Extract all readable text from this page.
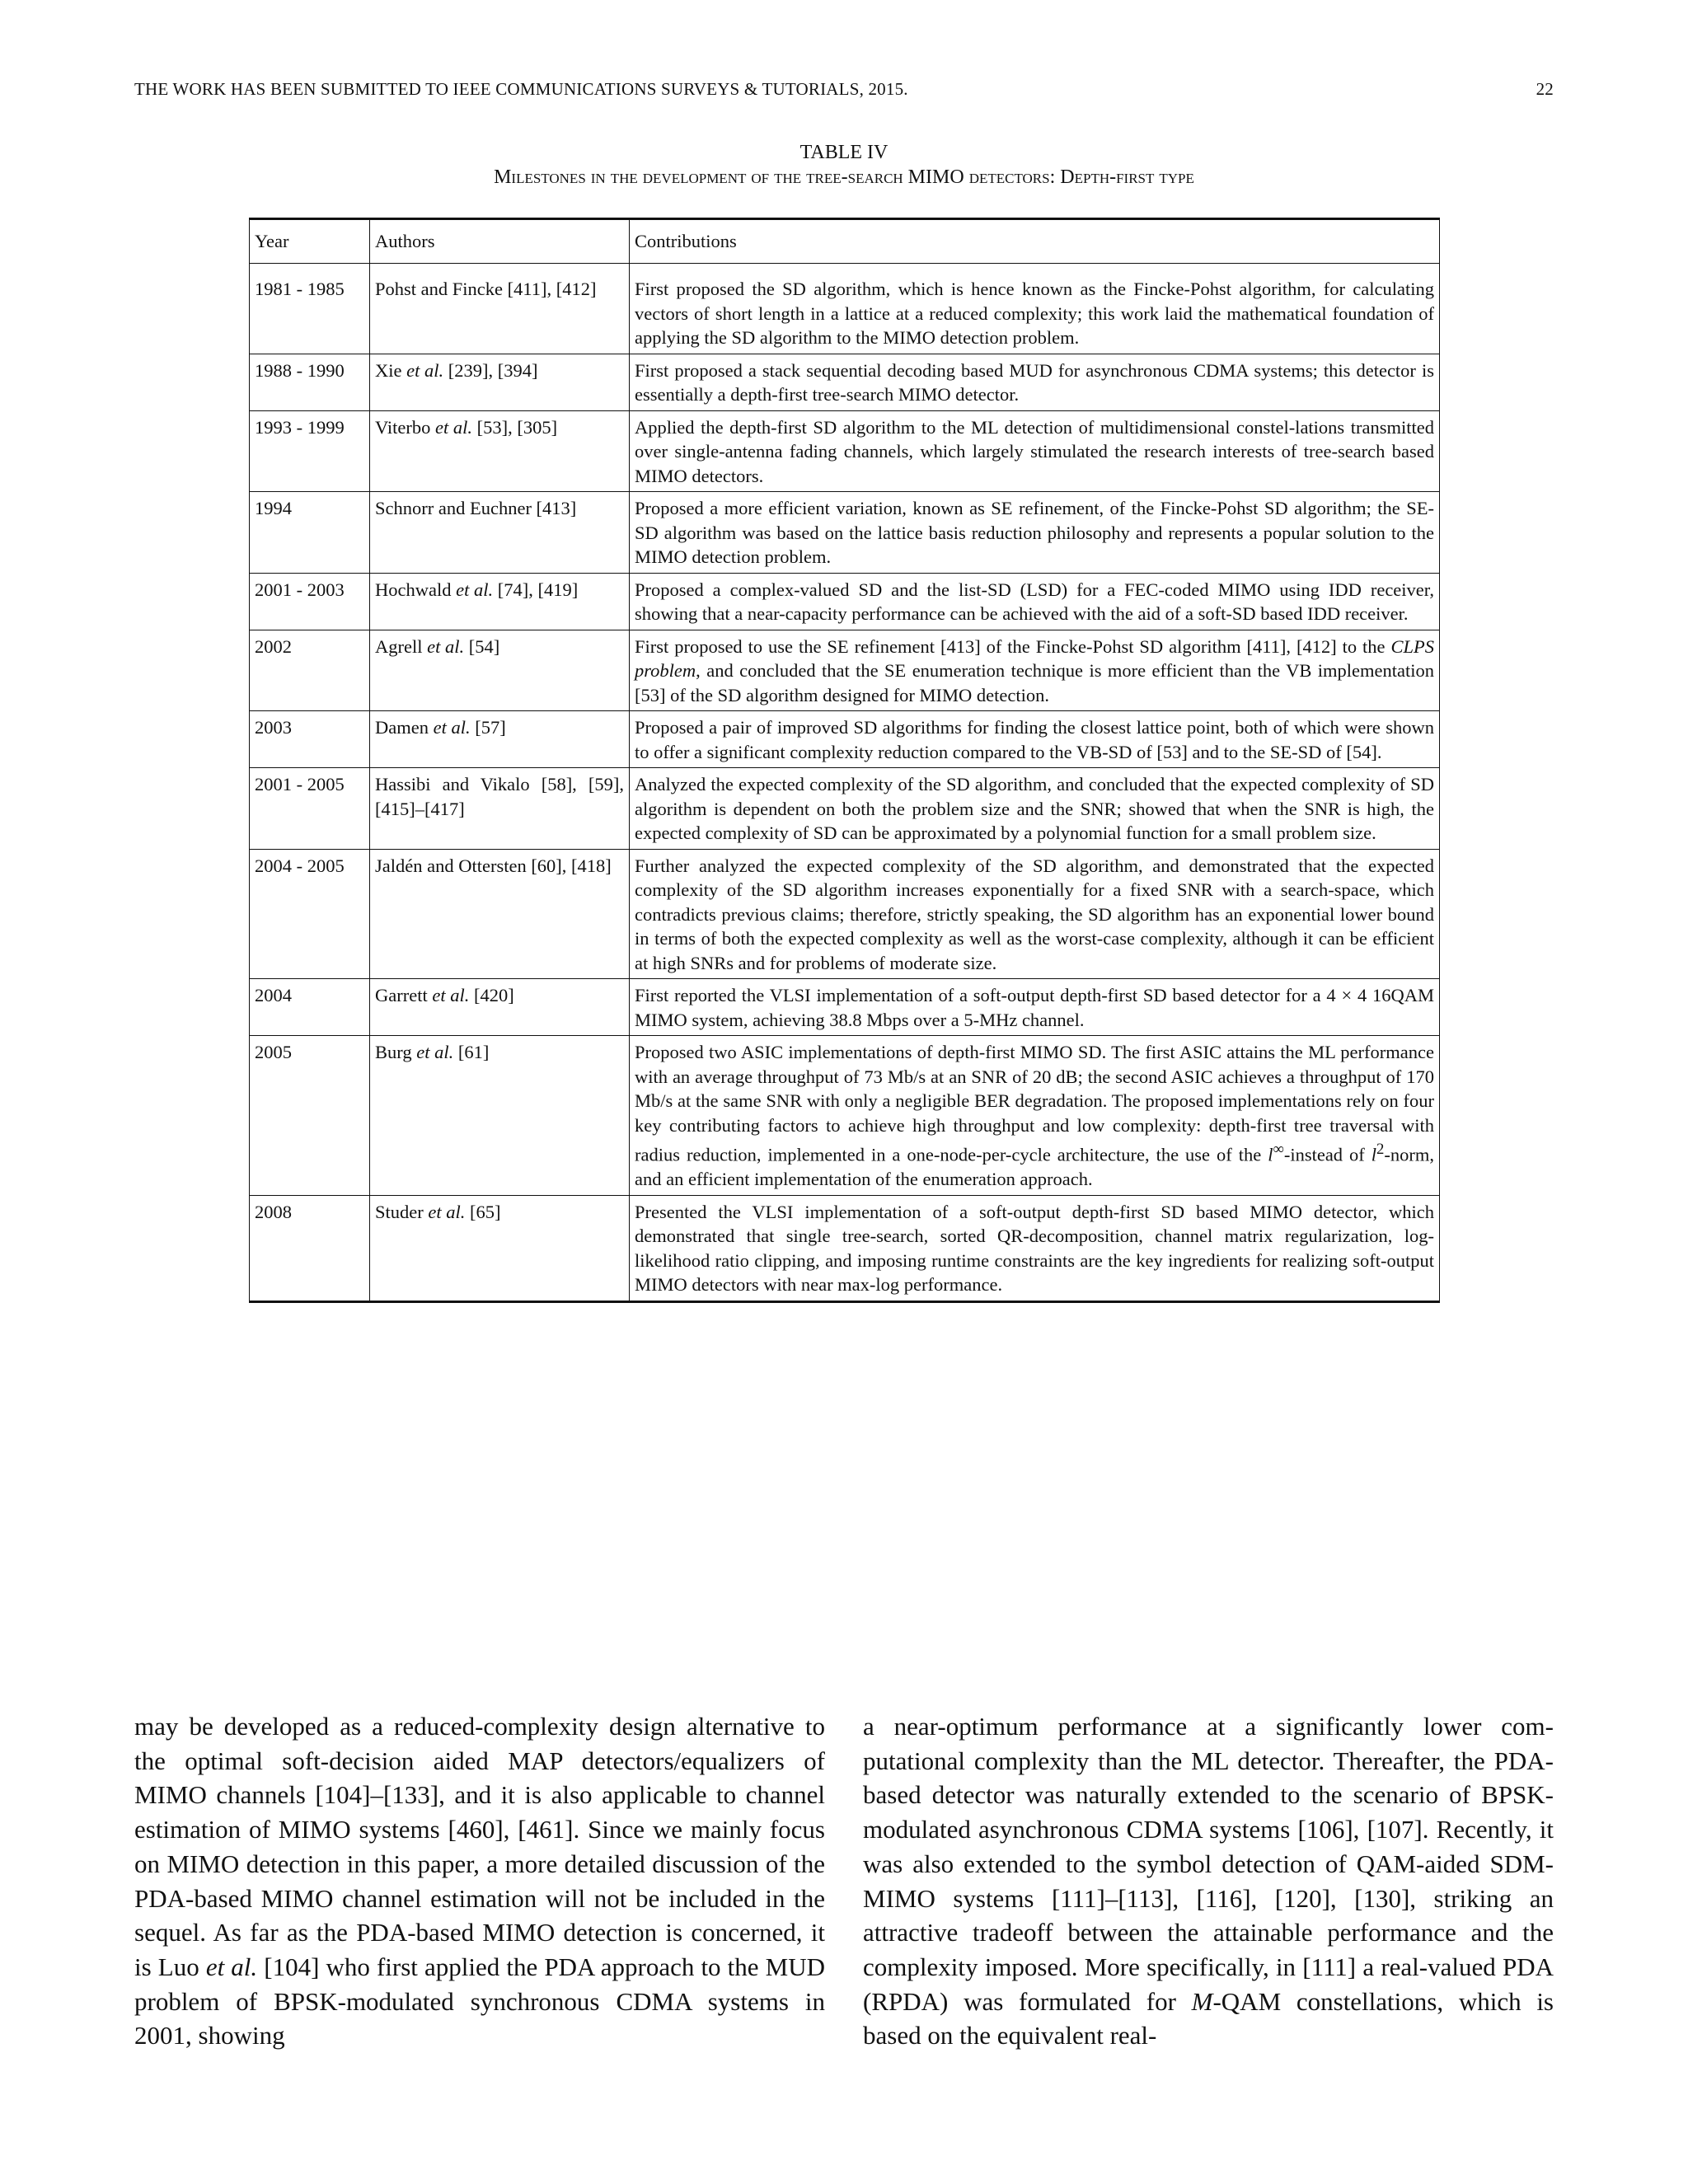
THE WORK HAS BEEN SUBMITTED TO IEEE COMMUNICATIONS SURVEYS & TUTORIALS, 2015.	22
TABLE IV
Milestones in the development of the tree-search MIMO detectors: Depth-first type
Year	Authors	Contributions

1981 - 1985	Pohst and Fincke [411], [412]	First proposed the SD algorithm, which is hence known as the Fincke-Pohst algorithm, for calculating vectors of short length in a lattice at a reduced complexity; this work laid the mathematical foundation of applying the SD algorithm to the MIMO detection problem.
1988 - 1990	Xie et al. [239], [394]	First proposed a stack sequential decoding based MUD for asynchronous CDMA systems; this detector is essentially a depth-first tree-search MIMO detector.
1993 - 1999	Viterbo et al. [53], [305]	Applied the depth-first SD algorithm to the ML detection of multidimensional constel-lations transmitted over single-antenna fading channels, which largely stimulated the research interests of tree-search based MIMO detectors.
1994	Schnorr and Euchner [413]	Proposed a more efficient variation, known as SE refinement, of the Fincke-Pohst SD algorithm; the SE-SD algorithm was based on the lattice basis reduction philosophy and represents a popular solution to the MIMO detection problem.
2001 - 2003	Hochwald et al. [74], [419]	Proposed a complex-valued SD and the list-SD (LSD) for a FEC-coded MIMO using IDD receiver, showing that a near-capacity performance can be achieved with the aid of a soft-SD based IDD receiver.
2002	Agrell et al. [54]	First proposed to use the SE refinement [413] of the Fincke-Pohst SD algorithm [411], [412] to the CLPS problem, and concluded that the SE enumeration technique is more efficient than the VB implementation [53] of the SD algorithm designed for MIMO detection.
2003	Damen et al. [57]	Proposed a pair of improved SD algorithms for finding the closest lattice point, both of which were shown to offer a significant complexity reduction compared to the VB-SD of [53] and to the SE-SD of [54].
2001 - 2005	Hassibi and Vikalo [58], [59], [415]–[417]	Analyzed the expected complexity of the SD algorithm, and concluded that the expected complexity of SD algorithm is dependent on both the problem size and the SNR; showed that when the SNR is high, the expected complexity of SD can be approximated by a polynomial function for a small problem size.
2004 - 2005	Jaldén and Ottersten [60], [418]	Further analyzed the expected complexity of the SD algorithm, and demonstrated that the expected complexity of the SD algorithm increases exponentially for a fixed SNR with a search-space, which contradicts previous claims; therefore, strictly speaking, the SD algorithm has an exponential lower bound in terms of both the expected complexity as well as the worst-case complexity, although it can be efficient at high SNRs and for problems of moderate size.
2004	Garrett et al. [420]	First reported the VLSI implementation of a soft-output depth-first SD based detector for a 4 × 4 16QAM MIMO system, achieving 38.8 Mbps over a 5-MHz channel.
2005	Burg et al. [61]	Proposed two ASIC implementations of depth-first MIMO SD. The first ASIC attains the ML performance with an average throughput of 73 Mb/s at an SNR of 20 dB; the second ASIC achieves a throughput of 170 Mb/s at the same SNR with only a negligible BER degradation. The proposed implementations rely on four key contributing factors to achieve high throughput and low complexity: depth-first tree traversal with radius reduction, implemented in a one-node-per-cycle architecture, the use of the l∞-instead of $l^2$-norm, and an efficient implementation of the enumeration approach.
2008	Studer et al. [65]	Presented the VLSI implementation of a soft-output depth-first SD based MIMO detector, which demonstrated that single tree-search, sorted QR-decomposition, channel matrix regularization, log-likelihood ratio clipping, and imposing runtime constraints are the key ingredients for realizing soft-output MIMO detectors with near max-log performance.

may be developed as a reduced-complexity design alternative to the optimal soft-decision aided MAP detectors/equalizers of MIMO channels [104]–[133], and it is also applicable to channel estimation of MIMO systems [460], [461]. Since we mainly focus on MIMO detection in this paper, a more detailed discussion of the PDA-based MIMO channel estimation will not be included in the sequel. As far as the PDA-based MIMO detection is concerned, it is Luo et al. [104] who first applied the PDA approach to the MUD problem of BPSK-modulated synchronous CDMA systems in 2001, showing

a near-optimum performance at a significantly lower com-putational complexity than the ML detector. Thereafter, the PDA-based detector was naturally extended to the scenario of BPSK-modulated asynchronous CDMA systems [106], [107]. Recently, it was also extended to the symbol detection of QAM-aided SDM-MIMO systems [111]–[113], [116], [120], [130], striking an attractive tradeoff between the attainable performance and the complexity imposed. More specifically, in [111] a real-valued PDA (RPDA) was formulated for M-QAM constellations, which is based on the equivalent real-
